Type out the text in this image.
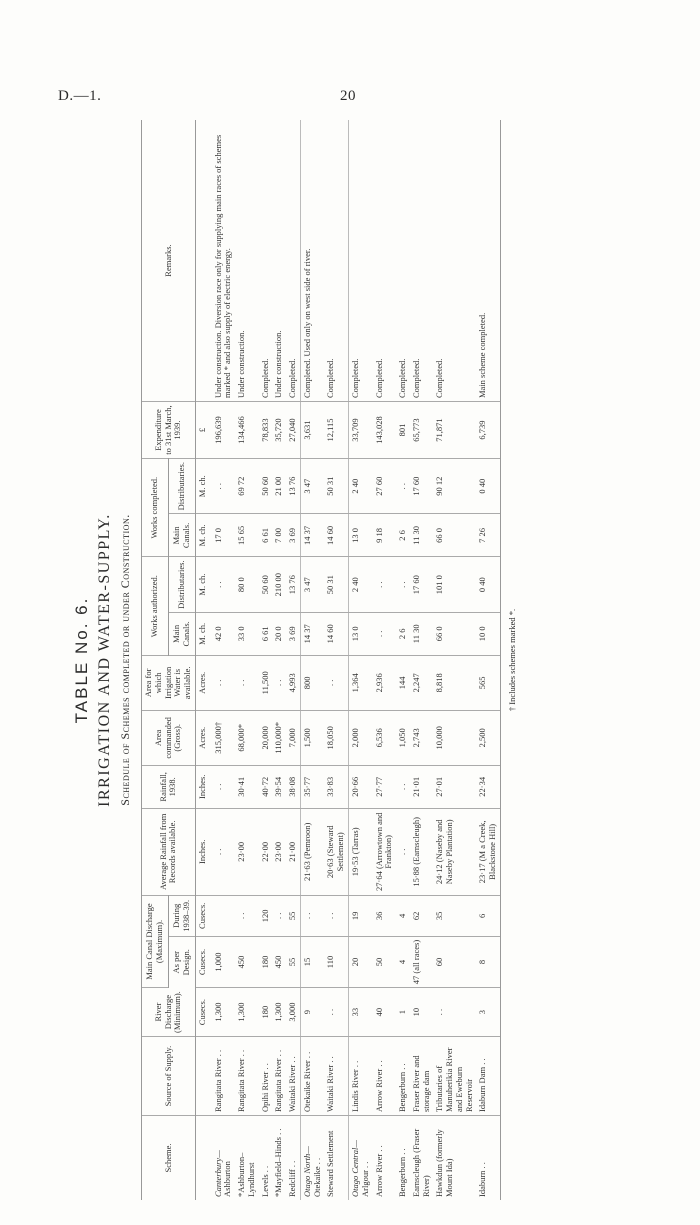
D.—1.	20
TABLE No. 6. IRRIGATION AND WATER-SUPPLY. Schedule of Schemes completed or under Construction.
Scheme.	Source of Supply.	River Discharge (Minimum).	Main Canal Discharge (Maximum).		Average Rainfall from Records available.	Rainfall, 1938.	Area commanded (Gross).	Area for which Irrigation Water is available.	Works authorized.		Works completed.		Expenditure to 31st March, 1939.	Remarks.
			As per Design.	During 1938–39.					Main Canals.	Distributaries.	Main Canals.	Distributaries.		
		Cusecs.	Cusecs.	Cusecs.	Inches.	Inches.	Acres.	Acres.	M. ch.	M. ch.	M. ch.	M. ch.	£	

Canterbury— Ashburton	Rangitata River . .	1,300	1,000		. .	. .	315,000†	. .	42 0	. .	17 0	. .	196,639	Under construction. Diversion race only for supplying main races of schemes marked * and also supply of electric energy.
*Ashburton–Lyndhurst	Rangitata River . .	1,300	450	. .	23·00	30·41	68,000*	. .	33 0	80 0	15 65	69 72	134,466	Under construction.
Levels . .	Opihi River . .	180	180	120	22·00	40·72	20,000	11,500	6 61	50 60	6 61	50 60	78,833	Completed.
*Mayfield–Hinds . .	Rangitata River . .	1,300	450	. .	23·00	39·54	110,000*	. .	20 0	210 00	7 00	21 00	35,720	Under construction.
Redcliff . .	Waitaki River . .	3,000	55	55	21·00	38·08	7,000	4,993	3 69	13 76	3 69	13 76	27,040	Completed.

Otago North— Otekaike . .	Otekaike River . .	9	15	. .	21·63 (Pemroon)	35·77	1,500	800	14 37	3 47	14 37	3 47	3,631	Completed. Used only on west side of river.
Steward Settlement	Waitaki River . .	. .	110	. .	20·63 (Steward Settlement)	33·83	18,050	. .	14 60	50 31	14 60	50 31	12,115	Completed.

Otago Central— Arlgour . .	Lindis River . .	33	20	19	19·53 (Tarras)	20·66	2,000	1,364	13 0	2 40	13 0	2 40	33,709	Completed.
Arrow River . .	Arrow River . .	40	50	36	27·64 (Arrowtown and Frankton)	27·77	6,536	2,936	. .	. .	9 18	27 60	143,028	Completed.
Bengerburn . .	Bengerburn . .	1	4	4	. .	. .	1,050	144	2 6	. .	2 6	. .	801	Completed.
Earnscleugh (Fraser River)	Fraser River and storage dam	10	47 (all races)	62	15·88 (Earnscleugh)	21·01	2,743	2,247	11 30	17 60	11 30	17 60	65,773	Completed.
Hawkdun (formerly Mount Ida)	Tributaries of Manuherikia River and Eweburn Reservoir	. .	60	35	24·12 (Naseby and Naseby Plantation)	27·01	10,000	8,818	66 0	101 0	66 0	90 12	71,871	Completed.
Idaburn . .	Idaburn Dam . .	3	8	6	23·17 (M a Creek, Blackstone Hill)	22·34	2,500	565	10 0	0 40	7 26	0 40	6,739	Main scheme completed.
† Includes schemes marked *.
